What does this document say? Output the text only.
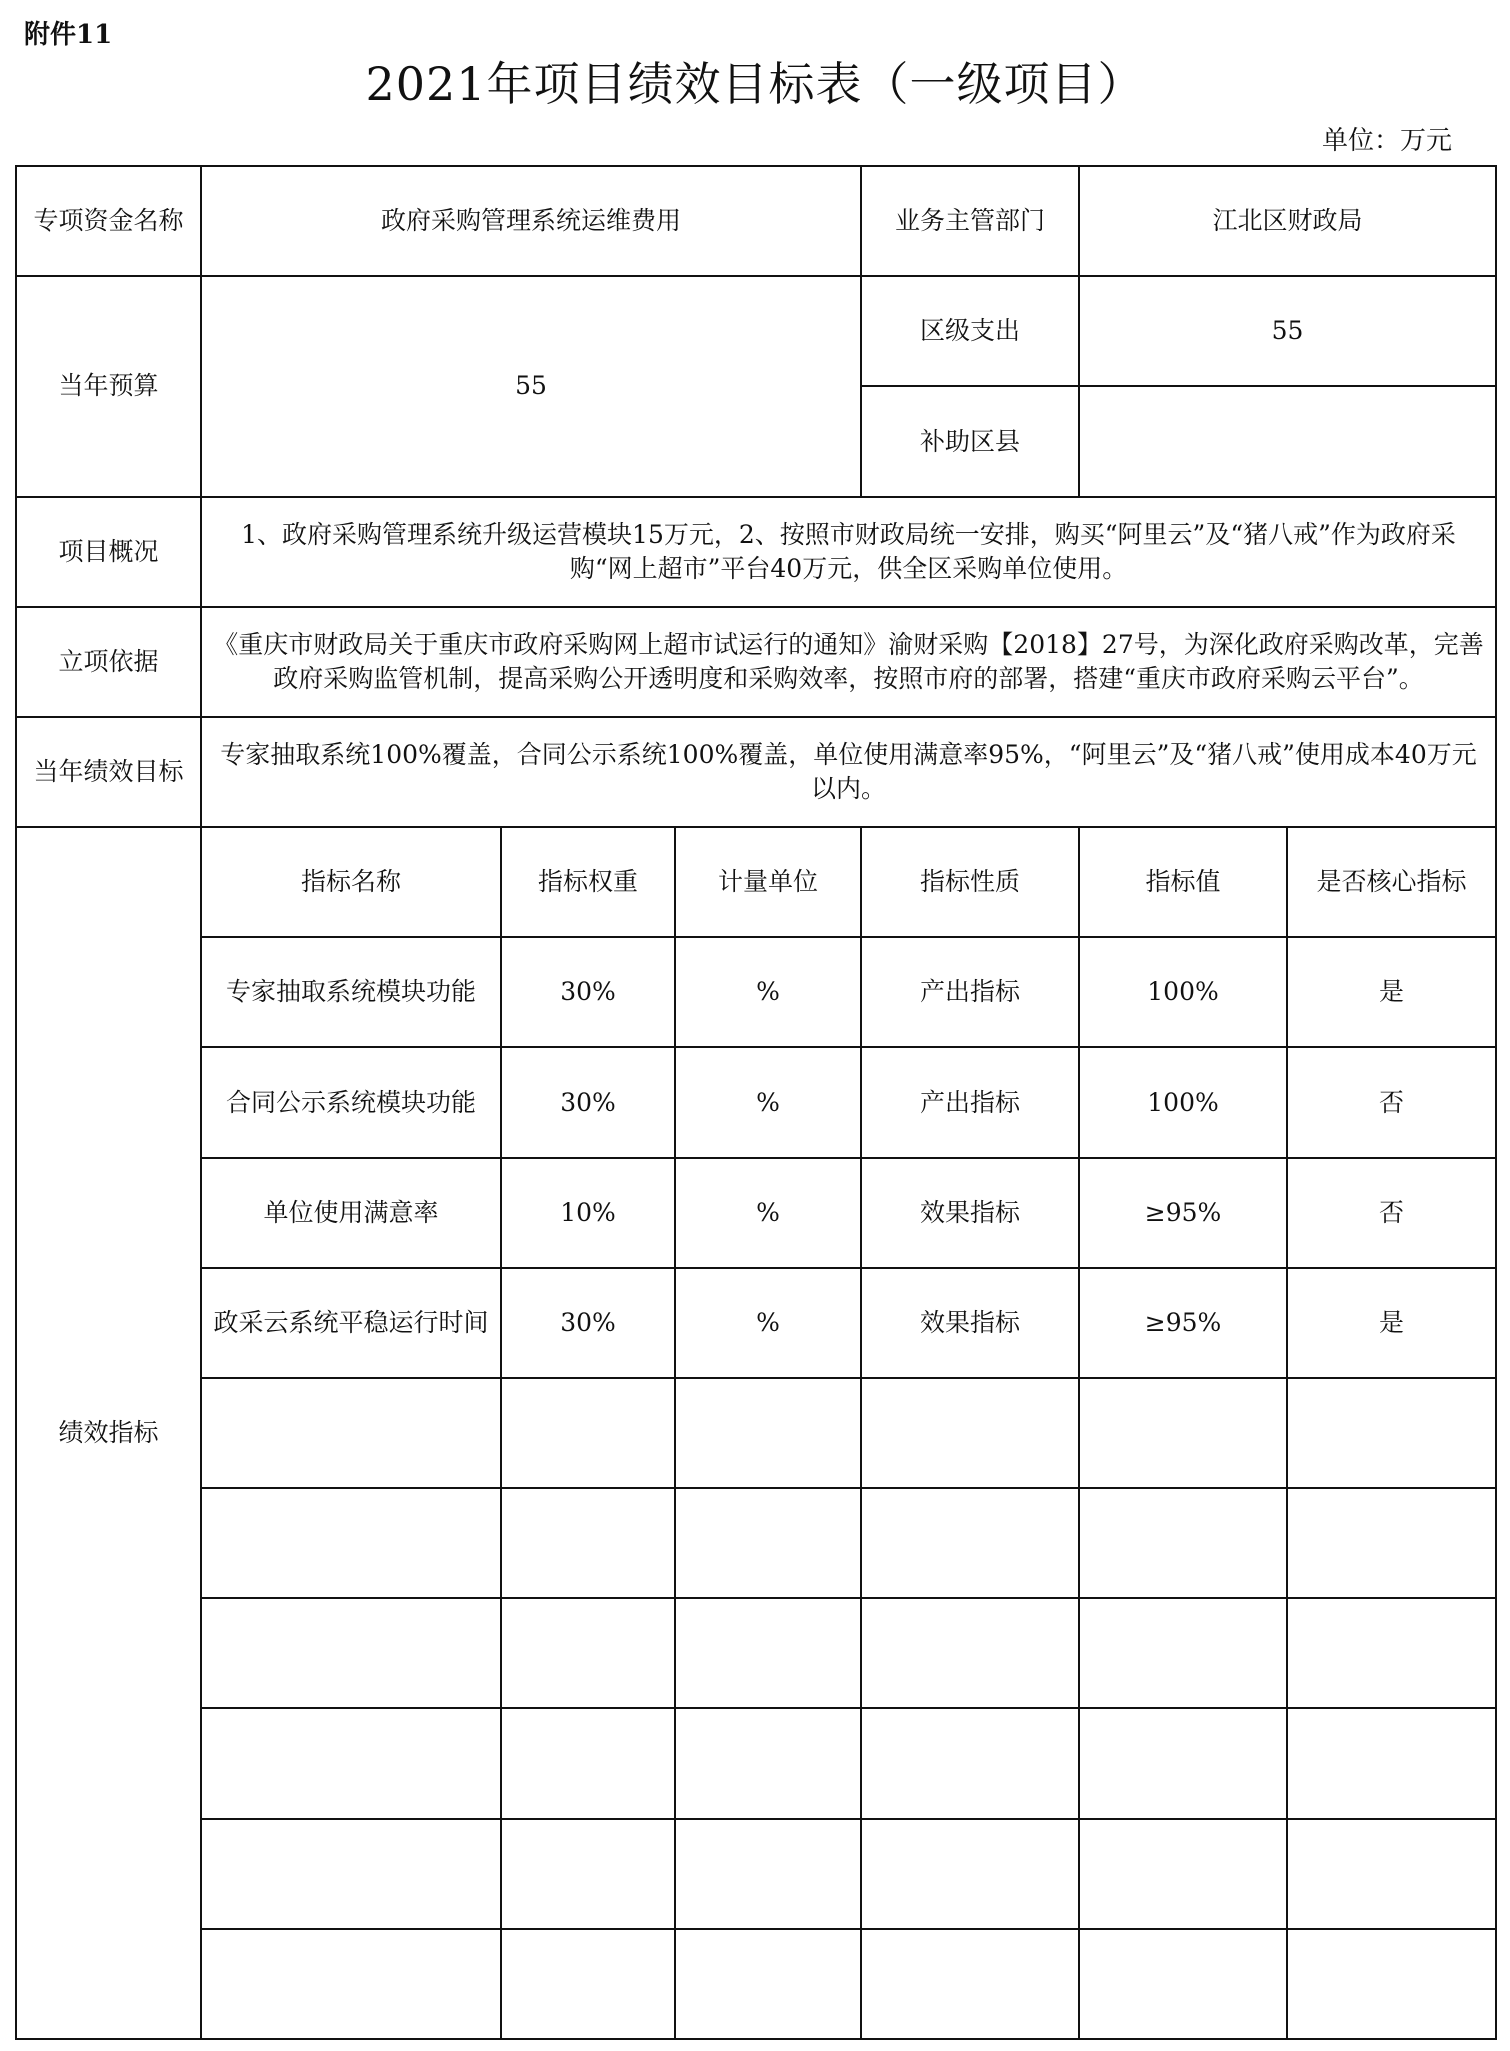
附件11
2021年项目绩效目标表（一级项目）
单位：万元
专项资金名称	政府采购管理系统运维费用			业务主管部门	江北区财政局	
当年预算	55			区级支出	55	
				补助区县		
项目概况	1、政府采购管理系统升级运营模块15万元，2、按照市财政局统一安排，购买“阿里云”及“猪八戒”作为政府采购“网上超市”平台40万元，供全区采购单位使用。					
立项依据	《重庆市财政局关于重庆市政府采购网上超市试运行的通知》渝财采购【2018】27号，为深化政府采购改革，完善政府采购监管机制，提高采购公开透明度和采购效率，按照市府的部署，搭建“重庆市政府采购云平台”。					
当年绩效目标	专家抽取系统100%覆盖，合同公示系统100%覆盖，单位使用满意率95%，“阿里云”及“猪八戒”使用成本40万元以内。					
绩效指标	指标名称	指标权重	计量单位	指标性质	指标值	是否核心指标
	专家抽取系统模块功能	30%	%	产出指标	100%	是
	合同公示系统模块功能	30%	%	产出指标	100%	否
	单位使用满意率	10%	%	效果指标	≥95%	否
	政采云系统平稳运行时间	30%	%	效果指标	≥95%	是
